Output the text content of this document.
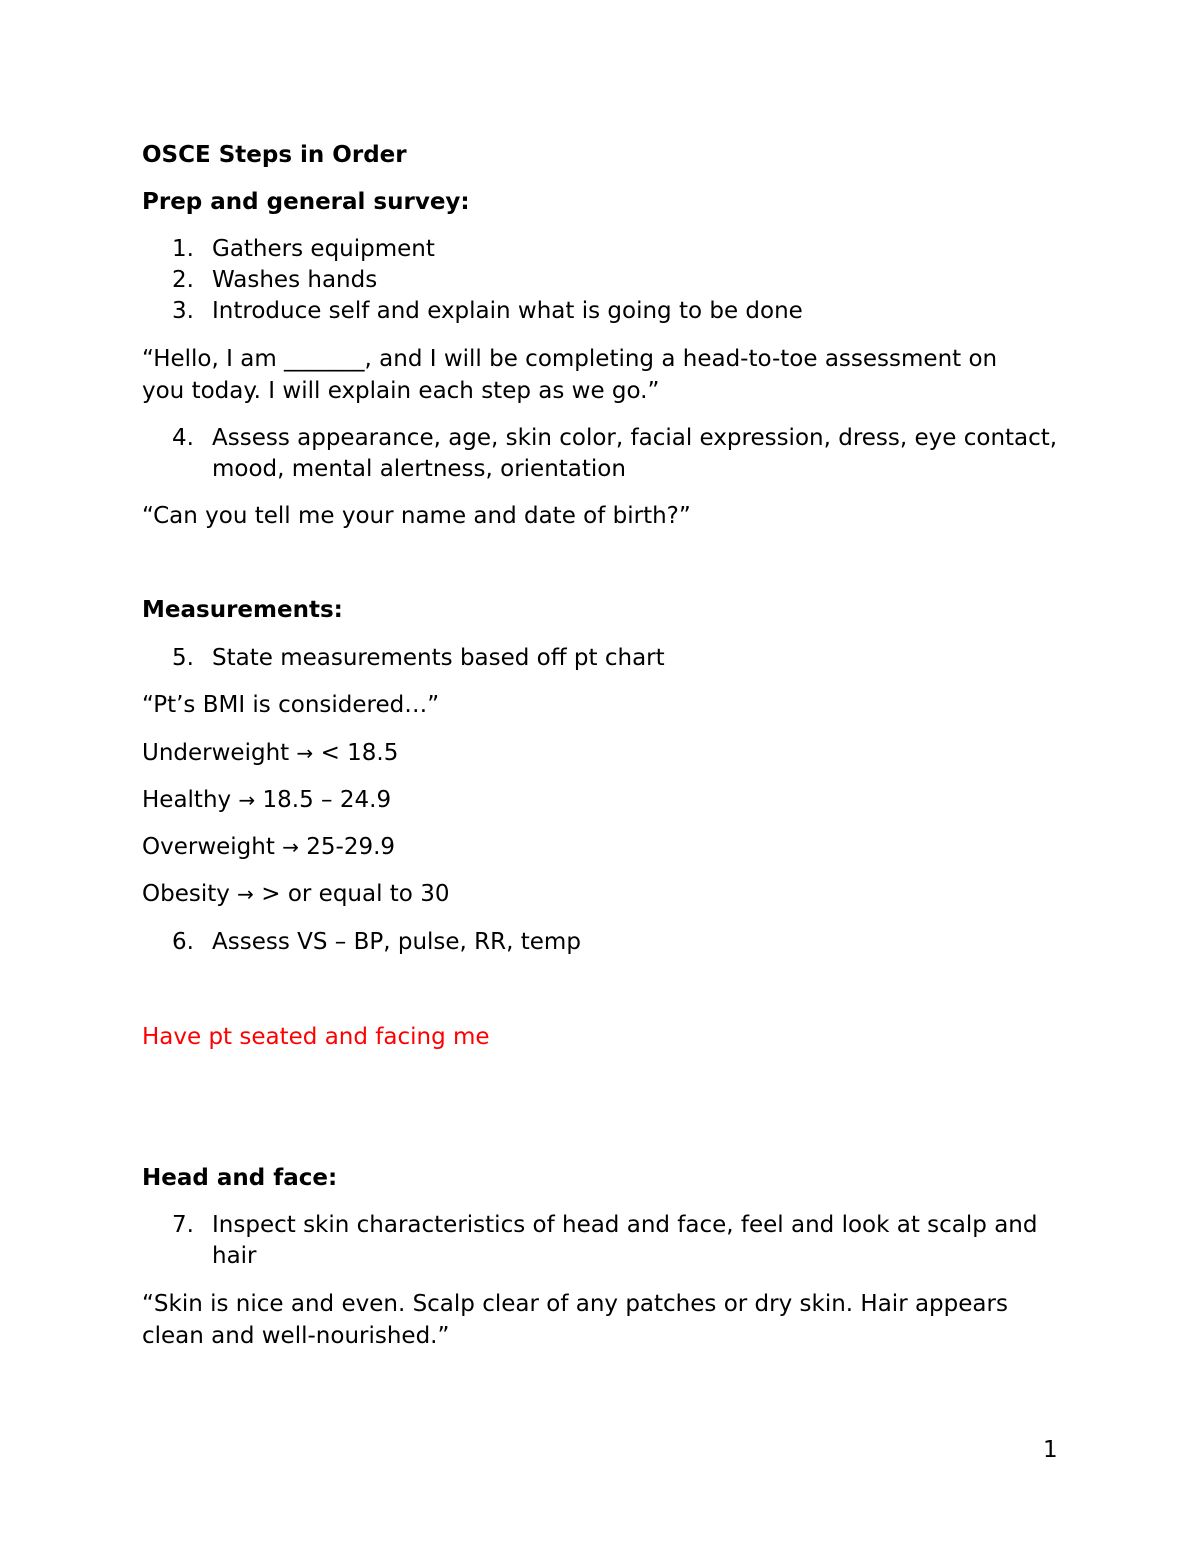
OSCE Steps in Order
Prep and general survey:
1. Gathers equipment
2. Washes hands
3. Introduce self and explain what is going to be done
“Hello, I am _______, and I will be completing a head-to-toe assessment on you today. I will explain each step as we go.”
4. Assess appearance, age, skin color, facial expression, dress, eye contact, mood, mental alertness, orientation
“Can you tell me your name and date of birth?”
Measurements:
5. State measurements based off pt chart
“Pt’s BMI is considered…”
Underweight → < 18.5
Healthy → 18.5 – 24.9
Overweight → 25-29.9
Obesity → > or equal to 30
6. Assess VS – BP, pulse, RR, temp
Have pt seated and facing me
Head and face:
7. Inspect skin characteristics of head and face, feel and look at scalp and hair
“Skin is nice and even. Scalp clear of any patches or dry skin. Hair appears clean and well-nourished.”
1
